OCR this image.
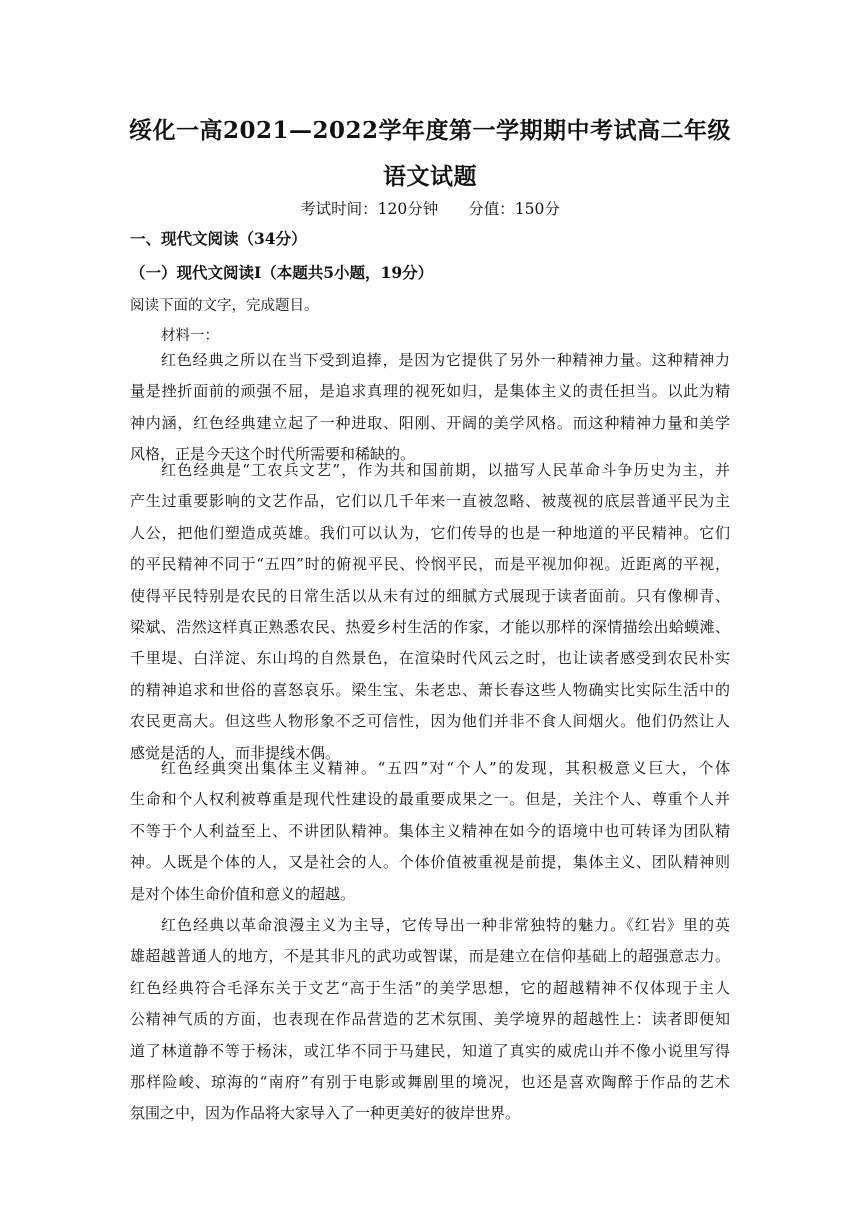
绥化一高2021—2022学年度第一学期期中考试高二年级
语文试题
考试时间：120分钟 分值：150分
一、现代文阅读（34分）
（一）现代文阅读Ⅰ（本题共5小题，19分）
阅读下面的文字，完成题目。
材料一：
红色经典之所以在当下受到追捧，是因为它提供了另外一种精神力量。这种精神力
量是挫折面前的顽强不屈，是追求真理的视死如归，是集体主义的责任担当。以此为精
神内涵，红色经典建立起了一种进取、阳刚、开阔的美学风格。而这种精神力量和美学
风格，正是今天这个时代所需要和稀缺的。
红色经典是“工农兵文艺”，作为共和国前期，以描写人民革命斗争历史为主，并
产生过重要影响的文艺作品，它们以几千年来一直被忽略、被蔑视的底层普通平民为主
人公，把他们塑造成英雄。我们可以认为，它们传导的也是一种地道的平民精神。它们
的平民精神不同于“五四”时的俯视平民、怜悯平民，而是平视加仰视。近距离的平视，
使得平民特别是农民的日常生活以从未有过的细腻方式展现于读者面前。只有像柳青、
梁斌、浩然这样真正熟悉农民、热爱乡村生活的作家，才能以那样的深情描绘出蛤蟆滩、
千里堤、白洋淀、东山坞的自然景色，在渲染时代风云之时，也让读者感受到农民朴实
的精神追求和世俗的喜怒哀乐。梁生宝、朱老忠、萧长春这些人物确实比实际生活中的
农民更高大。但这些人物形象不乏可信性，因为他们并非不食人间烟火。他们仍然让人
感觉是活的人，而非提线木偶。
红色经典突出集体主义精神。“五四”对“个人”的发现，其积极意义巨大，个体
生命和个人权利被尊重是现代性建设的最重要成果之一。但是，关注个人、尊重个人并
不等于个人利益至上、不讲团队精神。集体主义精神在如今的语境中也可转译为团队精
神。人既是个体的人，又是社会的人。个体价值被重视是前提，集体主义、团队精神则
是对个体生命价值和意义的超越。
红色经典以革命浪漫主义为主导，它传导出一种非常独特的魅力。《红岩》里的英
雄超越普通人的地方，不是其非凡的武功或智谋，而是建立在信仰基础上的超强意志力。
红色经典符合毛泽东关于文艺“高于生活”的美学思想，它的超越精神不仅体现于主人
公精神气质的方面，也表现在作品营造的艺术氛围、美学境界的超越性上：读者即便知
道了林道静不等于杨沫，或江华不同于马建民，知道了真实的威虎山并不像小说里写得
那样险峻、琼海的“南府”有别于电影或舞剧里的境况，也还是喜欢陶醉于作品的艺术
氛围之中，因为作品将大家导入了一种更美好的彼岸世界。
